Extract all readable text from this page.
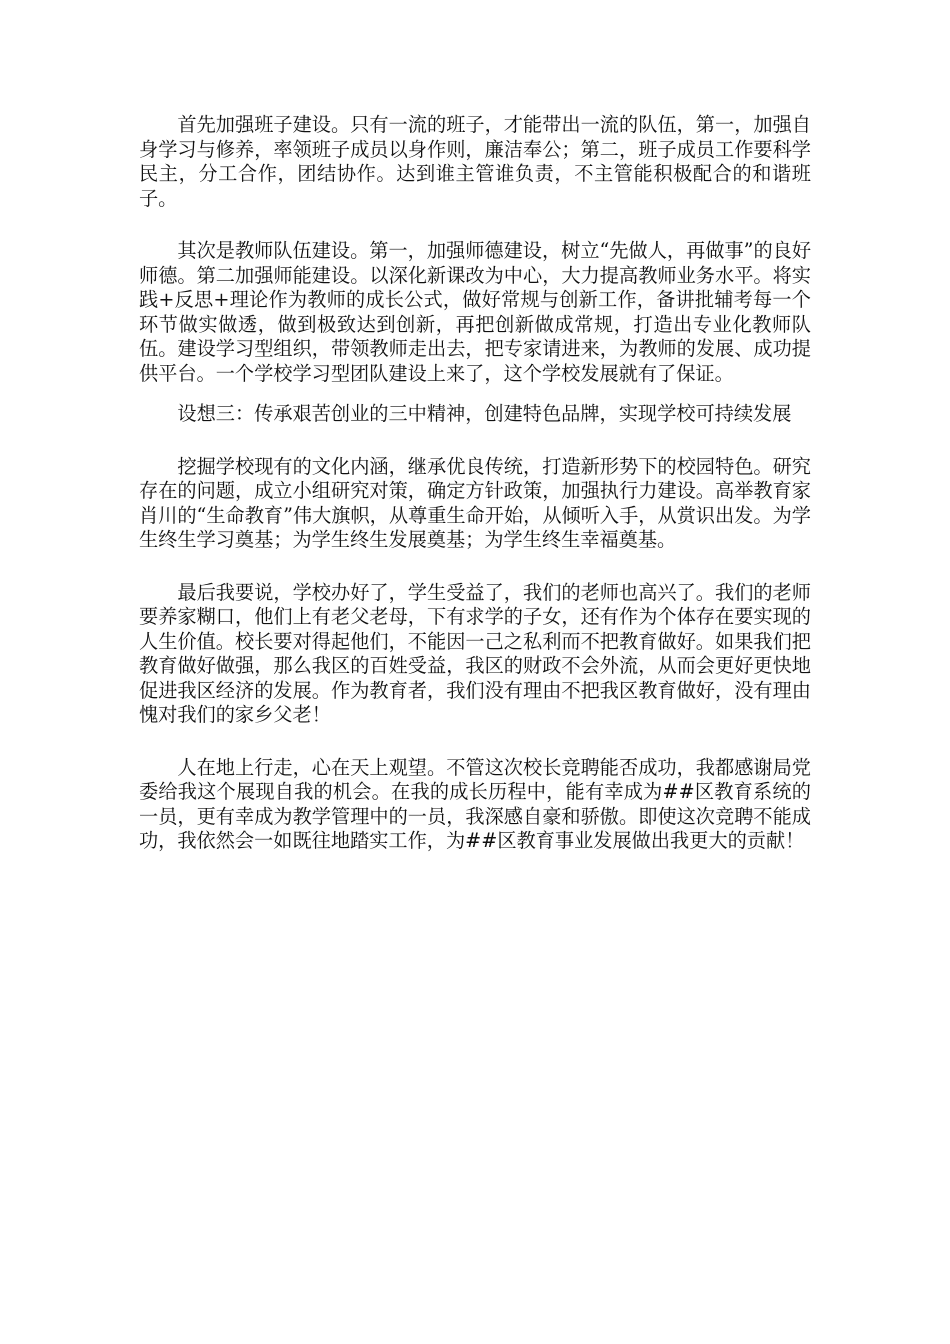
首先加强班子建设。只有一流的班子，才能带出一流的队伍，第一，加强自身学习与修养，率领班子成员以身作则，廉洁奉公；第二，班子成员工作要科学民主，分工合作，团结协作。达到谁主管谁负责，不主管能积极配合的和谐班子。

其次是教师队伍建设。第一，加强师德建设，树立“先做人，再做事”的良好师德。第二加强师能建设。以深化新课改为中心，大力提高教师业务水平。将实践+反思+理论作为教师的成长公式，做好常规与创新工作，备讲批辅考每一个环节做实做透，做到极致达到创新，再把创新做成常规，打造出专业化教师队伍。建设学习型组织，带领教师走出去，把专家请进来，为教师的发展、成功提供平台。一个学校学习型团队建设上来了，这个学校发展就有了保证。

设想三：传承艰苦创业的三中精神，创建特色品牌，实现学校可持续发展

挖掘学校现有的文化内涵，继承优良传统，打造新形势下的校园特色。研究存在的问题，成立小组研究对策，确定方针政策，加强执行力建设。高举教育家肖川的“生命教育”伟大旗帜，从尊重生命开始，从倾听入手，从赏识出发。为学生终生学习奠基；为学生终生发展奠基；为学生终生幸福奠基。

最后我要说，学校办好了，学生受益了，我们的老师也高兴了。我们的老师要养家糊口，他们上有老父老母，下有求学的子女，还有作为个体存在要实现的人生价值。校长要对得起他们，不能因一己之私利而不把教育做好。如果我们把教育做好做强，那么我区的百姓受益，我区的财政不会外流，从而会更好更快地促进我区经济的发展。作为教育者，我们没有理由不把我区教育做好，没有理由愧对我们的家乡父老！

人在地上行走，心在天上观望。不管这次校长竞聘能否成功，我都感谢局党委给我这个展现自我的机会。在我的成长历程中，能有幸成为##区教育系统的一员，更有幸成为教学管理中的一员，我深感自豪和骄傲。即使这次竞聘不能成功，我依然会一如既往地踏实工作，为##区教育事业发展做出我更大的贡献！
